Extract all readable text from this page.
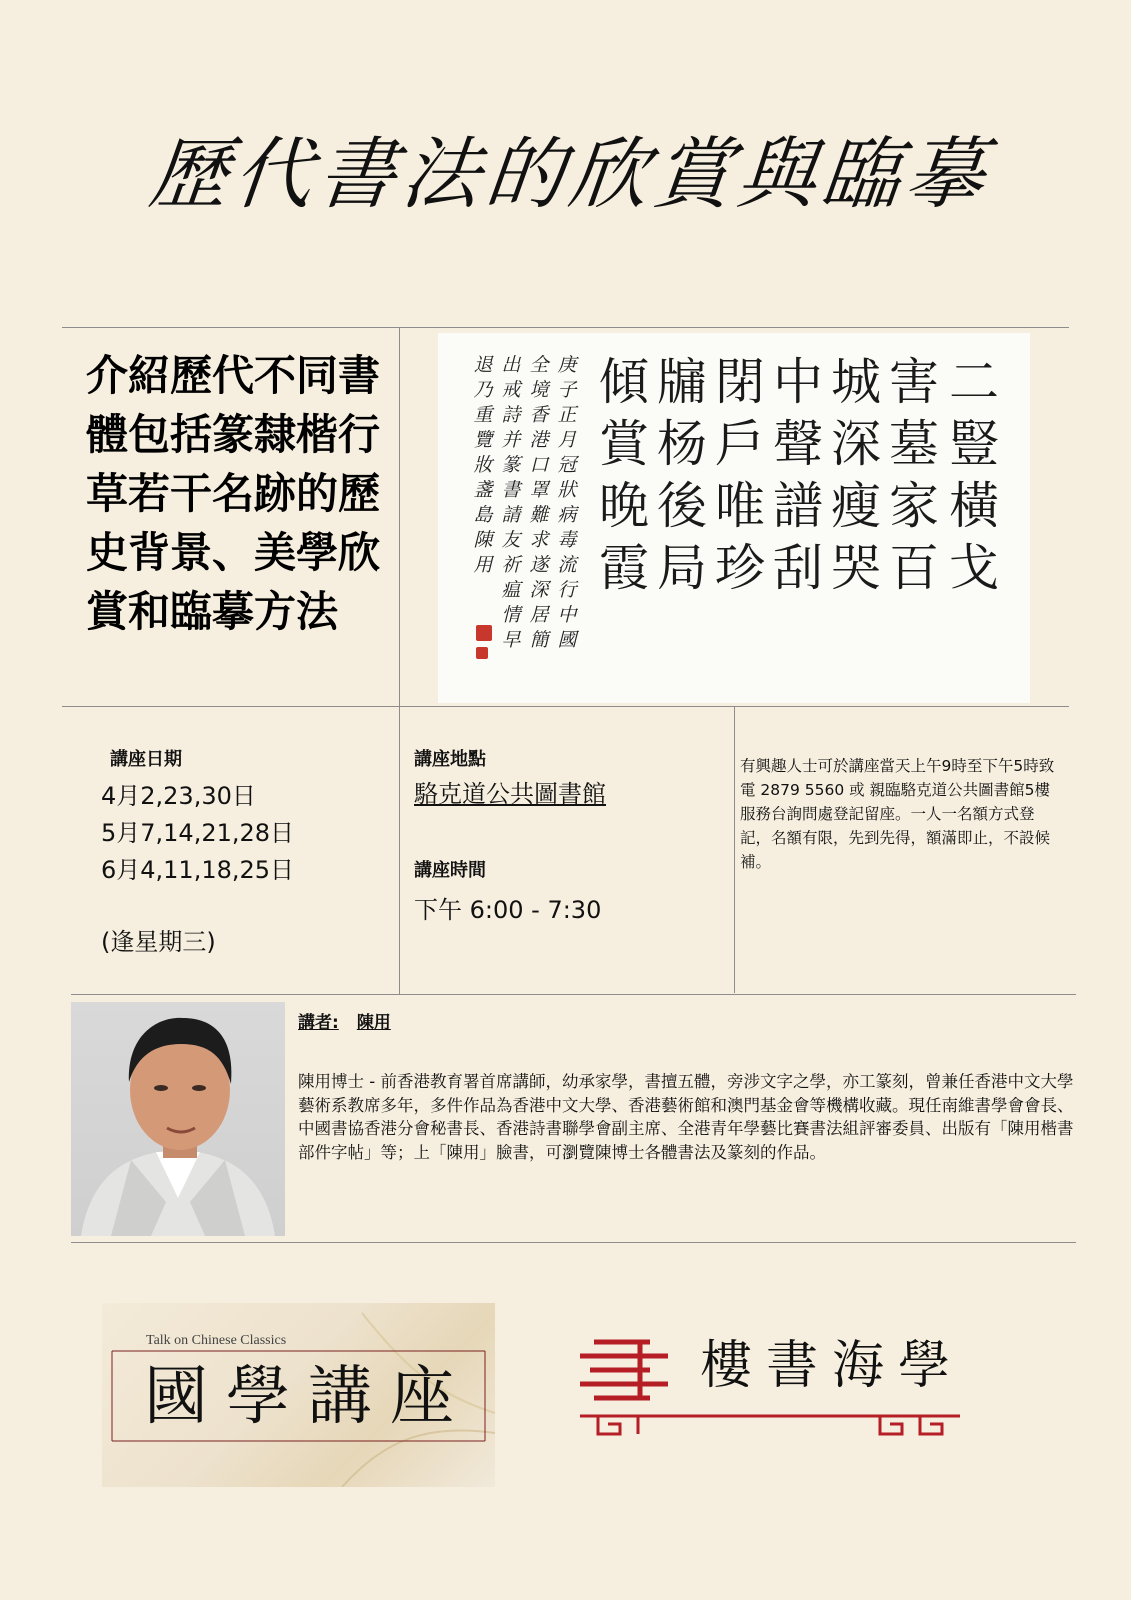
歷代書法的欣賞與臨摹
介紹歷代不同書體包括篆隸楷行草若干名跡的歷史背景、美學欣賞和臨摹方法
二豎橫戈
害墓家百
城深瘦哭
中聲譜刮
閉戶唯珍
牖杨後局
傾賞晚霞
庚子正月冠狀病毒流行中國
全境香港口罩難求遂深居簡
出戒詩并篆書請友祈瘟情早
退乃重覽妝盞島陳用
講座日期
4月2,23,30日
5月7,14,21,28日
6月4,11,18,25日
(逢星期三)
講座地點
駱克道公共圖書館
講座時間
下午 6:00 - 7:30
有興趣人士可於講座當天上午9時至下午5時致電 2879 5560 或 親臨駱克道公共圖書館5樓服務台詢問處登記留座。一人一名額方式登記，名額有限，先到先得，額滿即止，不設候補。
講者: 陳用
陳用博士 - 前香港教育署首席講師，幼承家學，書擅五體，旁涉文字之學，亦工篆刻，曾兼任香港中文大學藝術系教席多年，多件作品為香港中文大學、香港藝術館和澳門基金會等機構收藏。現任南維書學會會長、中國書協香港分會秘書長、香港詩書聯學會副主席、全港青年學藝比賽書法組評審委員、出版有「陳用楷書部件字帖」等；上「陳用」臉書，可瀏覽陳博士各體書法及篆刻的作品。
Talk on Chinese Classics
國學講座	學海書樓
